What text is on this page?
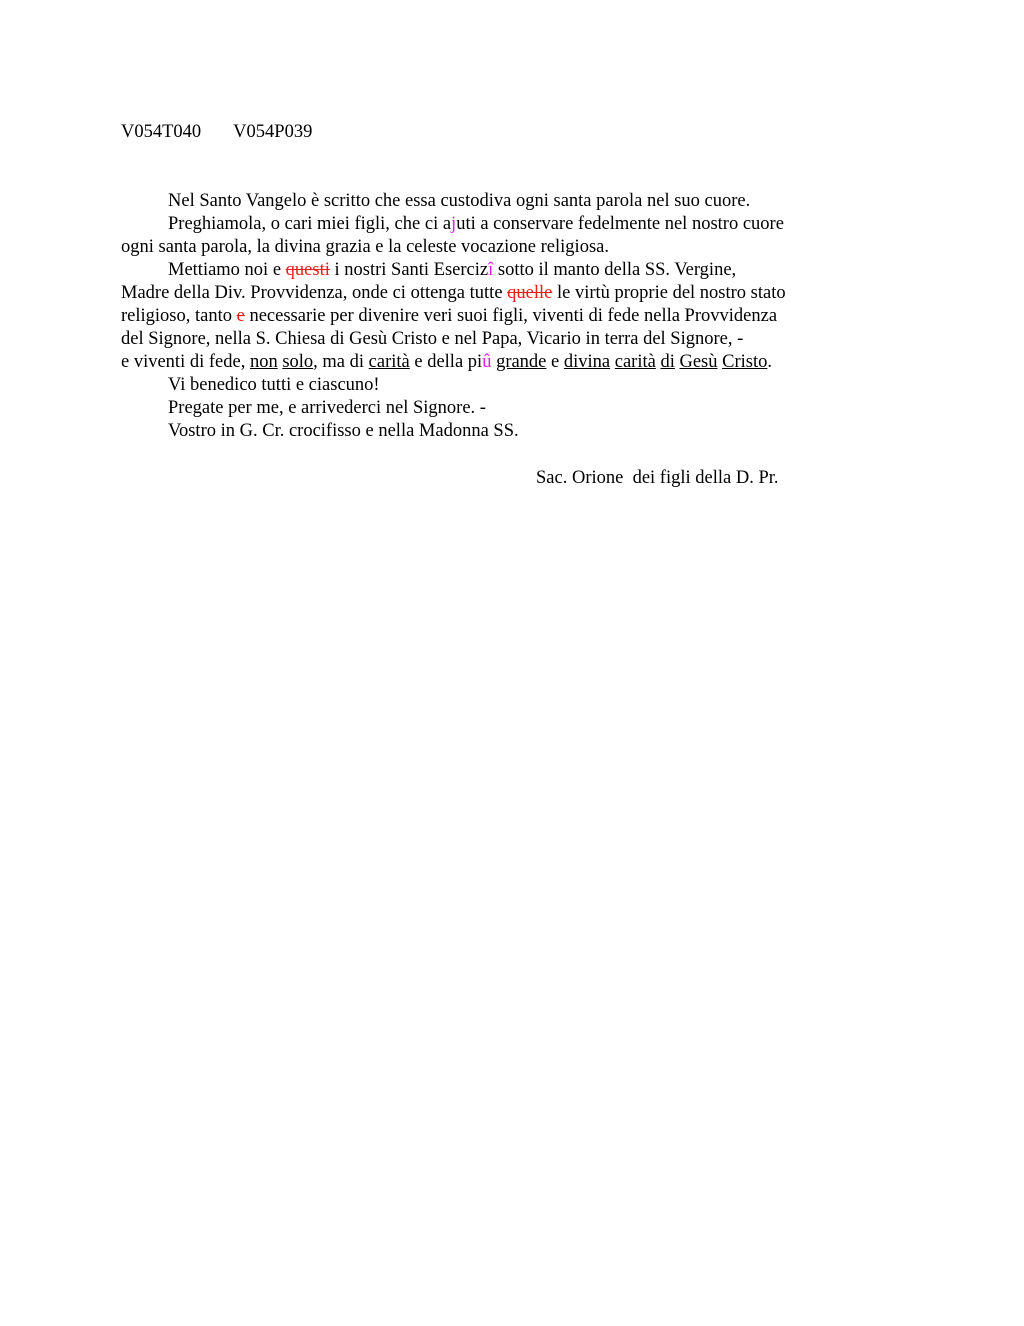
V054T040 V054P039
Nel Santo Vangelo è scritto che essa custodiva ogni santa parola nel suo cuore.
Preghiamola, o cari miei figli, che ci ajuti a conservare fedelmente nel nostro cuore
ogni santa parola, la divina grazia e la celeste vocazione religiosa.
Mettiamo noi e questi i nostri Santi Esercizî sotto il manto della SS. Vergine,
Madre della Div. Provvidenza, onde ci ottenga tutte quelle le virtù proprie del nostro stato
religioso, tanto e necessarie per divenire veri suoi figli, viventi di fede nella Provvidenza
del Signore, nella S. Chiesa di Gesù Cristo e nel Papa, Vicario in terra del Signore, -
e viventi di fede, non solo, ma di carità e della piû grande e divina carità di Gesù Cristo.
Vi benedico tutti e ciascuno!
Pregate per me, e arrivederci nel Signore. -
Vostro in G. Cr. crocifisso e nella Madonna SS.
Sac. Orione  dei figli della D. Pr.
